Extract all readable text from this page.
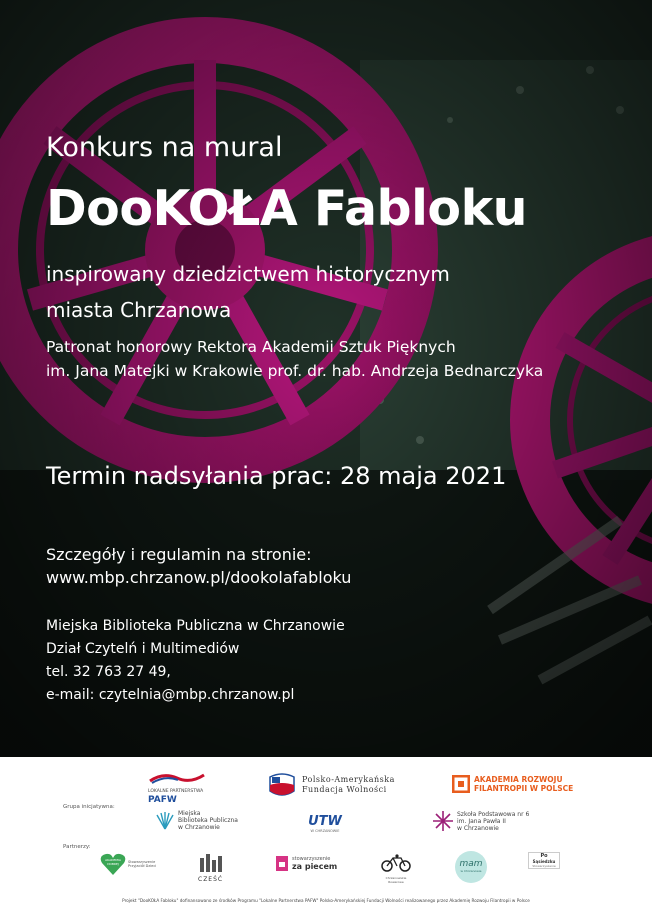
Konkurs na mural
DooKOŁA Fabloku
inspirowany dziedzictwem historycznym
miasta Chrzanowa
Patronat honorowy Rektora Akademii Sztuk Pięknych
im. Jana Matejki w Krakowie prof. dr. hab. Andrzeja Bednarczyka
Termin nadsyłania prac: 28 maja 2021
Szczegóły i regulamin na stronie:
www.mbp.chrzanow.pl/dookolafabloku
Miejska Biblioteka Publiczna w Chrzanowie
Dział Czytelń i Multimediów
tel. 32 763 27 49,
e-mail: czytelnia@mbp.chrzanow.pl
LOKALNE PARTNERSTWA
PAFW
Polsko-Amerykańska
Fundacja Wolności
AKADEMIA ROZWOJU
FILANTROPII W POLSCE
Grupa inicjatywna:
Miejska
Biblioteka Publiczna
w Chrzanowie	UTW
W CHRZANOWIE
Szkoła Podstawowa nr 6
im. Jana Pawła II
w Chrzanowie
Partnerzy:
AKADEMIA
DOBREJ	Stowarzyszenie Przyjaciół Dzieci
CZEŚĆ
stowarzyszenie
za piecem
Chrzanowskie Rowerowe
mam
w Chrzanowie
Po
Sąsiedzku
Stowarzyszenie
Projekt "DooKOŁA Fabloku" dofinansowano ze środków Programu "Lokalne Partnerstwa PAFW" Polsko-Amerykańskiej Fundacji Wolności realizowanego przez Akademię Rozwoju Filantropii w Polsce
